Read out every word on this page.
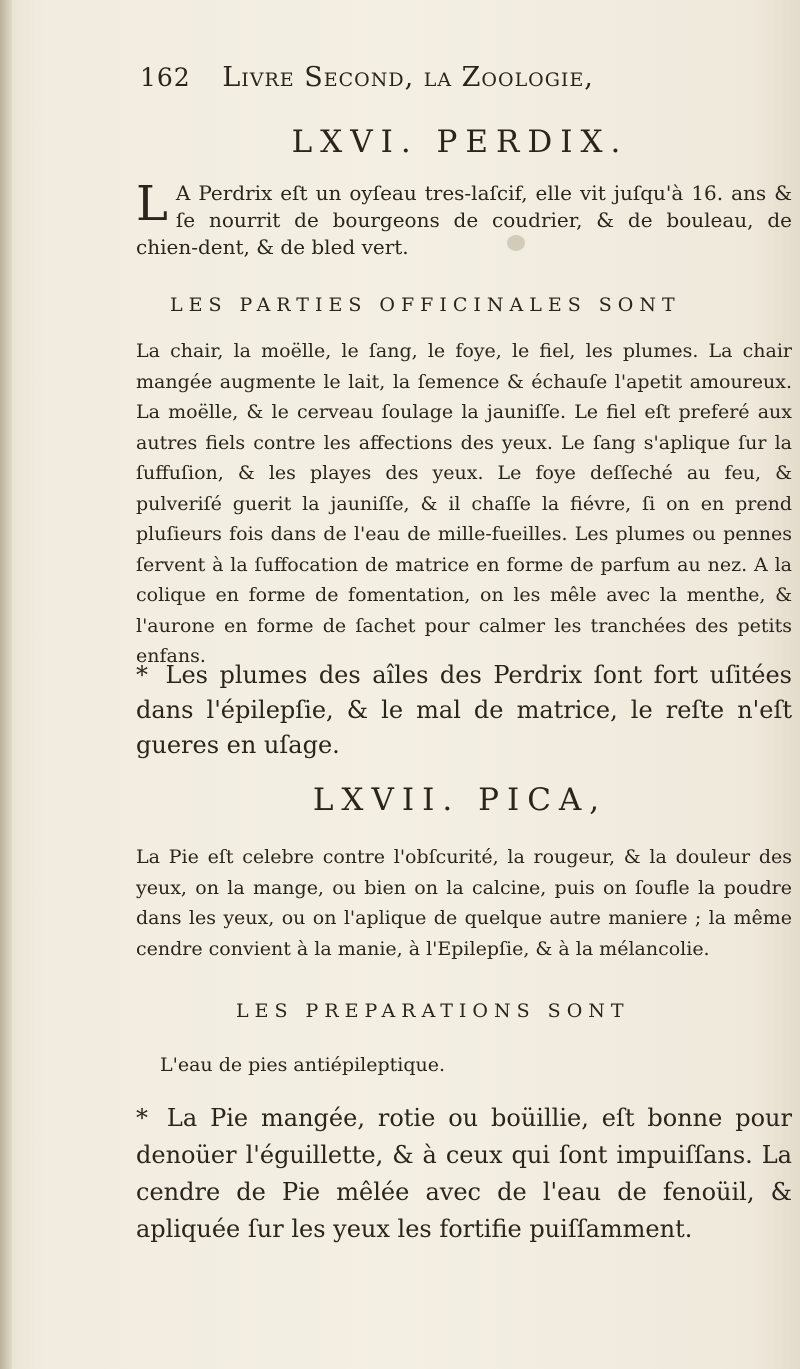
162 Livre Second, la Zoologie,
LXVI. PERDIX.
L A Perdrix eſt un oyſeau tres-laſcif, elle vit juſqu'à 16. ans & ſe nourrit de bourgeons de coudrier, & de bouleau, de chien-dent, & de bled vert.
LES PARTIES OFFICINALES SONT
La chair, la moëlle, le ſang, le foye, le fiel, les plumes. La chair mangée augmente le lait, la ſemence & échauſe l'apetit amoureux. La moëlle, & le cerveau ſoulage la jauniſſe. Le fiel eſt preferé aux autres fiels contre les affections des yeux. Le ſang s'aplique ſur la ſuffuſion, & les playes des yeux. Le foye deſſeché au feu, & pulveriſé guerit la jauniſſe, & il chaſſe la fiévre, ſi on en prend pluſieurs fois dans de l'eau de mille-fueilles. Les plumes ou pennes ſervent à la ſuffocation de matrice en forme de parfum au nez. A la colique en forme de fomentation, on les mêle avec la menthe, & l'aurone en forme de ſachet pour calmer les tranchées des petits enfans.
* Les plumes des aîles des Perdrix ſont fort uſitées dans l'épilepſie, & le mal de matrice, le reſte n'eſt gueres en uſage.
LXVII. PICA,
La Pie eſt celebre contre l'obſcurité, la rougeur, & la douleur des yeux, on la mange, ou bien on la calcine, puis on ſoufle la poudre dans les yeux, ou on l'aplique de quelque autre maniere ; la même cendre convient à la manie, à l'Epilepſie, & à la mélancolie.
LES PREPARATIONS SONT
L'eau de pies antiépileptique.
* La Pie mangée, rotie ou boüillie, eſt bonne pour denoüer l'éguillette, & à ceux qui ſont impuiſſans. La cendre de Pie mêlée avec de l'eau de fenoüil, & apliquée ſur les yeux les fortifie puiſſamment.
